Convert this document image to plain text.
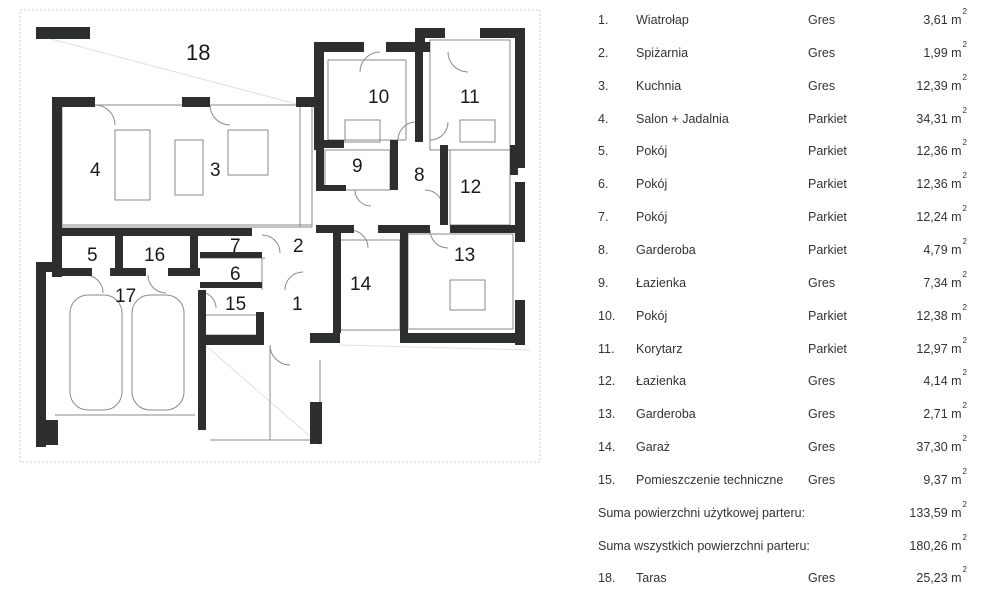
18
10	11
4	3	9	8
12
5 16	7	2	13
6
17	15
14
1
1. Wiatrołap	Gres	3,61 $m^2$
2. Spiżarnia	Gres	1,99 $m^2$
3. Kuchnia	Gres	12,39 $m^2$
4. Salon + Jadalnia	Parkiet	34,31 $m^2$
5. Pokój	Parkiet	12,36 $m^2$
6. Pokój	Parkiet	12,36 $m^2$
7. Pokój	Parkiet	12,24 $m^2$
8. Garderoba	Parkiet	4,79 $m^2$
9. Łazienka	Gres	7,34 $m^2$
10. Pokój	Parkiet	12,38 $m^2$
11. Korytarz	Parkiet	12,97 $m^2$
12. Łazienka	Gres	4,14 $m^2$
13. Garderoba	Gres	2,71 $m^2$
14. Garaż	Gres	37,30 $m^2$
15. Pomieszczenie techniczne Gres	9,37 $m^2$
Suma powierzchni użytkowej parteru:	133,59 $m^2$
Suma wszystkich powierzchni parteru:	180,26 $m^2$
18. Taras	Gres	25,23 $m^2$
